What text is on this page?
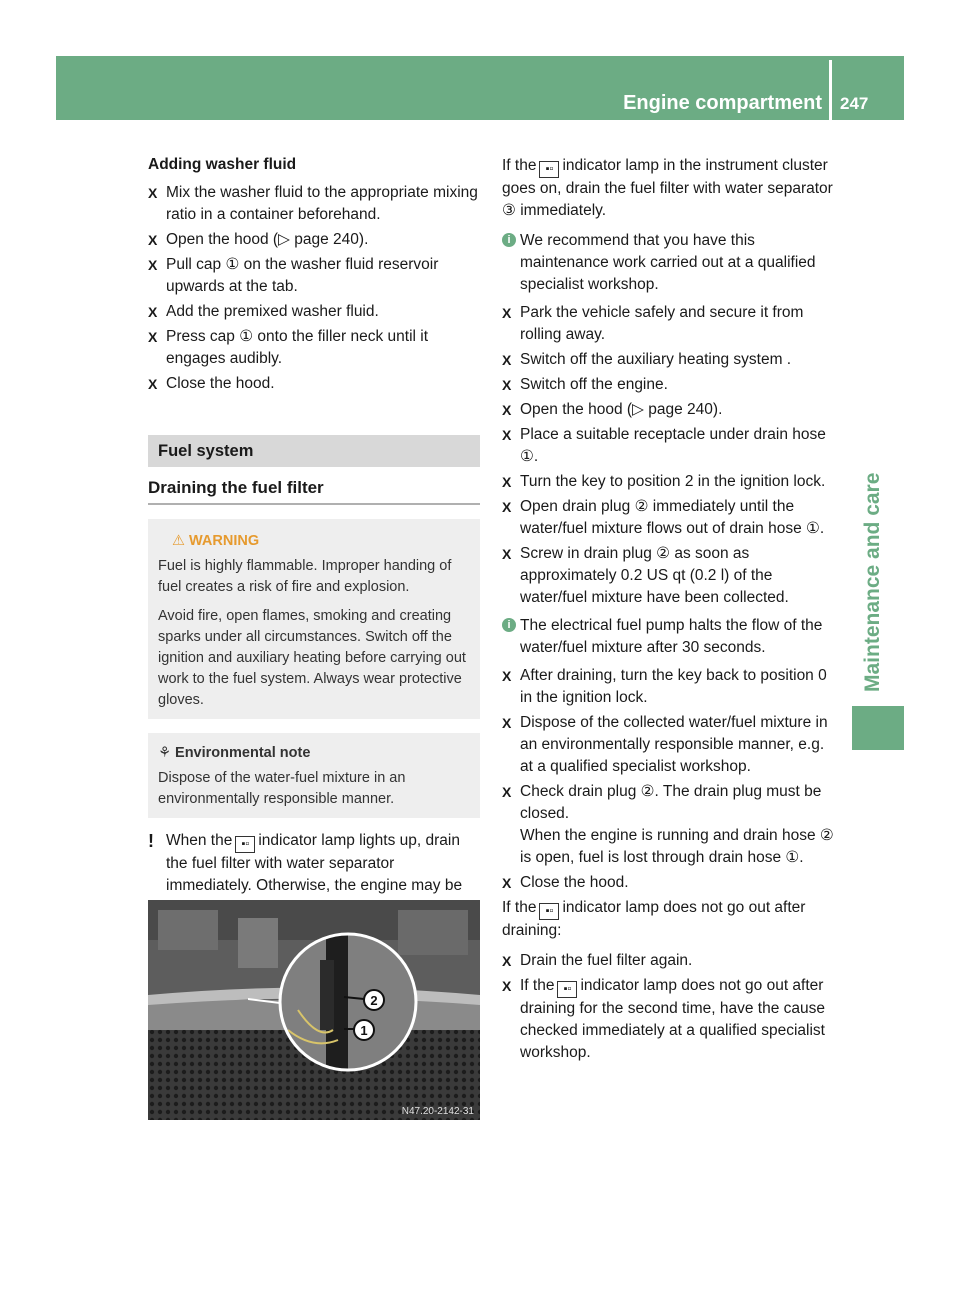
Engine compartment 247
Maintenance and care
Adding washer fluid
X Mix the washer fluid to the appropriate mixing ratio in a container beforehand.
X Open the hood (▷ page 240).
X Pull cap ① on the washer fluid reservoir upwards at the tab.
X Add the premixed washer fluid.
X Press cap ① onto the filler neck until it engages audibly.
X Close the hood.
Fuel system
Draining the fuel filter
⚠ WARNING
Fuel is highly flammable. Improper handing of fuel creates a risk of fire and explosion.
Avoid fire, open flames, smoking and creating sparks under all circumstances. Switch off the ignition and auxiliary heating before carrying out work to the fuel system. Always wear protective gloves.
⚘ Environmental note
Dispose of the water-fuel mixture in an environmentally responsible manner.
! When the ▪▫ indicator lamp lights up, drain the fuel filter with water separator immediately. Otherwise, the engine may be
2
1
N47.20-2142-31
If the ▪▫ indicator lamp in the instrument cluster goes on, drain the fuel filter with water separator ③ immediately.
i We recommend that you have this maintenance work carried out at a qualified specialist workshop.
X Park the vehicle safely and secure it from rolling away.
X Switch off the auxiliary heating system .
X Switch off the engine.
X Open the hood (▷ page 240).
X Place a suitable receptacle under drain hose ①.
X Turn the key to position 2 in the ignition lock.
X Open drain plug ② immediately until the water/fuel mixture flows out of drain hose ①.
X Screw in drain plug ② as soon as approximately 0.2 US qt (0.2 l) of the water/fuel mixture have been collected.
i The electrical fuel pump halts the flow of the water/fuel mixture after 30 seconds.
X After draining, turn the key back to position 0 in the ignition lock.
X Dispose of the collected water/fuel mixture in an environmentally responsible manner, e.g. at a qualified specialist workshop.
X Check drain plug ②. The drain plug must be closed.
When the engine is running and drain hose ② is open, fuel is lost through drain hose ①.
X Close the hood.
If the ▪▫ indicator lamp does not go out after draining:
X Drain the fuel filter again.
X If the ▪▫ indicator lamp does not go out after draining for the second time, have the cause checked immediately at a qualified specialist workshop.
